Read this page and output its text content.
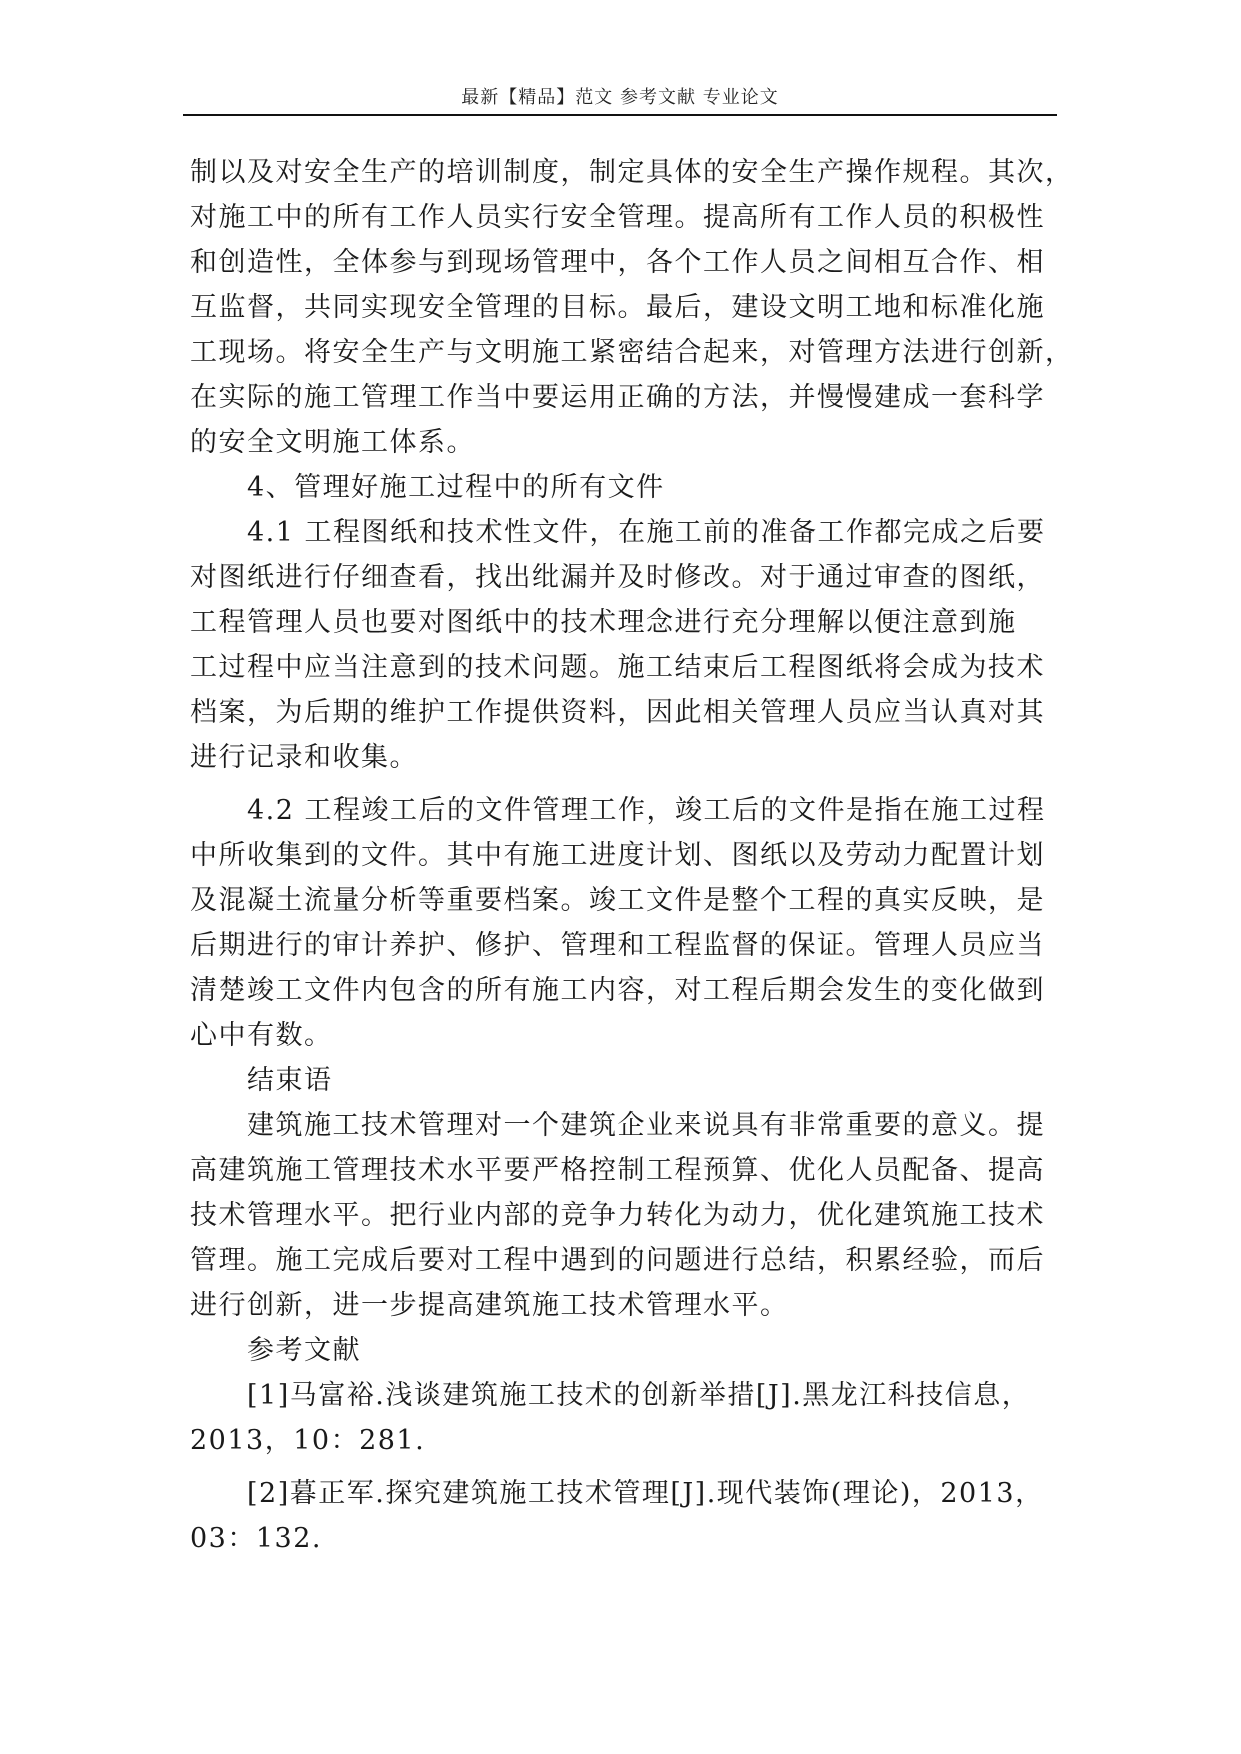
最新【精品】范文 参考文献 专业论文

制以及对安全生产的培训制度，制定具体的安全生产操作规程。其次，
对施工中的所有工作人员实行安全管理。提高所有工作人员的积极性
和创造性，全体参与到现场管理中，各个工作人员之间相互合作、相
互监督，共同实现安全管理的目标。最后，建设文明工地和标准化施
工现场。将安全生产与文明施工紧密结合起来，对管理方法进行创新，
在实际的施工管理工作当中要运用正确的方法，并慢慢建成一套科学
的安全文明施工体系。

4、管理好施工过程中的所有文件

4.1 工程图纸和技术性文件，在施工前的准备工作都完成之后要

对图纸进行仔细查看，找出纰漏并及时修改。对于通过审查的图纸，
工程管理人员也要对图纸中的技术理念进行充分理解以便注意到施
工过程中应当注意到的技术问题。施工结束后工程图纸将会成为技术
档案，为后期的维护工作提供资料，因此相关管理人员应当认真对其
进行记录和收集。

4.2 工程竣工后的文件管理工作，竣工后的文件是指在施工过程

中所收集到的文件。其中有施工进度计划、图纸以及劳动力配置计划
及混凝土流量分析等重要档案。竣工文件是整个工程的真实反映，是
后期进行的审计养护、修护、管理和工程监督的保证。管理人员应当
清楚竣工文件内包含的所有施工内容，对工程后期会发生的变化做到
心中有数。

结束语

建筑施工技术管理对一个建筑企业来说具有非常重要的意义。提

高建筑施工管理技术水平要严格控制工程预算、优化人员配备、提高
技术管理水平。把行业内部的竞争力转化为动力，优化建筑施工技术
管理。施工完成后要对工程中遇到的问题进行总结，积累经验，而后
进行创新，进一步提高建筑施工技术管理水平。

参考文献

[1]马富裕.浅谈建筑施工技术的创新举措[J].黑龙江科技信息，

2013，10：281.

[2]暮正军.探究建筑施工技术管理[J].现代装饰(理论)，2013，

03：132.
